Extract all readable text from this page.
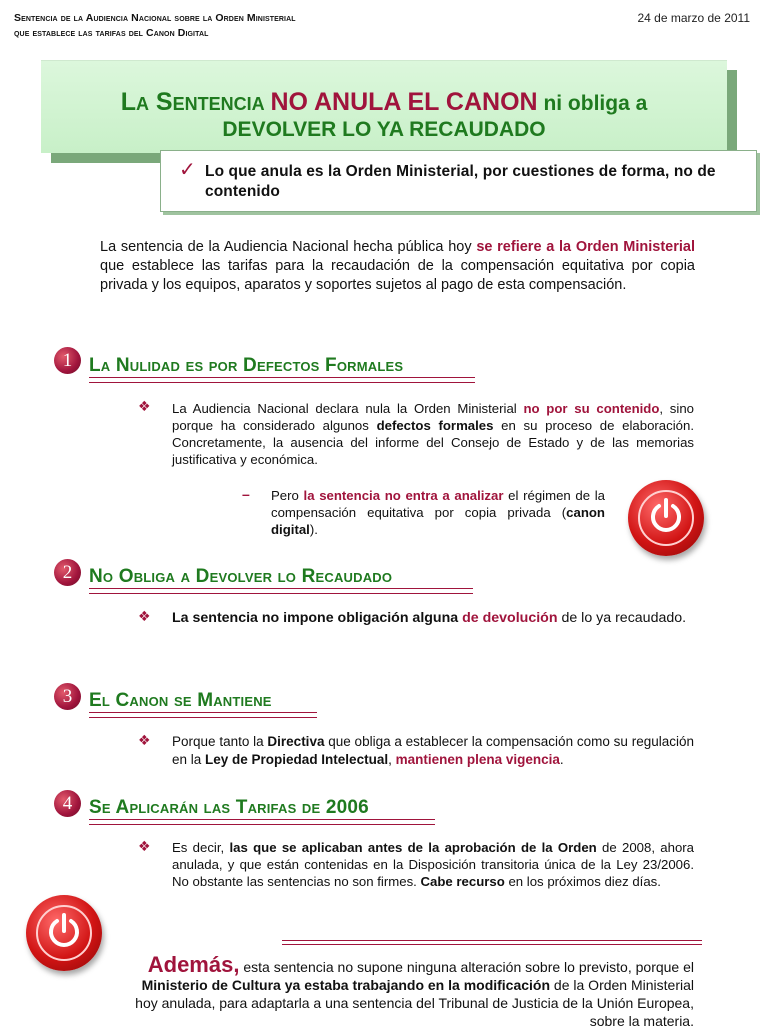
Sentencia de la Audiencia Nacional sobre la Orden Ministerial
que establece las tarifas del Canon Digital
24 de marzo de 2011
La Sentencia NO ANULA EL CANON ni obliga a
DEVOLVER LO YA RECAUDADO
✓ Lo que anula es la Orden Ministerial, por cuestiones de forma, no de contenido
La sentencia de la Audiencia Nacional hecha pública hoy se refiere a la Orden Ministerial que establece las tarifas para la recaudación de la compensación equitativa por copia privada y los equipos, aparatos y soportes sujetos al pago de esta compensación.
1 La Nulidad es por Defectos Formales
❖ La Audiencia Nacional declara nula la Orden Ministerial no por su contenido, sino porque ha considerado algunos defectos formales en su proceso de elaboración. Concretamente, la ausencia del informe del Consejo de Estado y de las memorias justificativa y económica.
– Pero la sentencia no entra a analizar el régimen de la compensación equitativa por copia privada (canon digital).
2 No Obliga a Devolver lo Recaudado
❖ La sentencia no impone obligación alguna de devolución de lo ya recaudado.
3 El Canon se Mantiene
❖ Porque tanto la Directiva que obliga a establecer la compensación como su regulación en la Ley de Propiedad Intelectual, mantienen plena vigencia.
4 Se Aplicarán las Tarifas de 2006
❖ Es decir, las que se aplicaban antes de la aprobación de la Orden de 2008, ahora anulada, y que están contenidas en la Disposición transitoria única de la Ley 23/2006. No obstante las sentencias no son firmes. Cabe recurso en los próximos diez días.
Además, esta sentencia no supone ninguna alteración sobre lo previsto, porque el Ministerio de Cultura ya estaba trabajando en la modificación de la Orden Ministerial hoy anulada, para adaptarla a una sentencia del Tribunal de Justicia de la Unión Europea, sobre la materia.
